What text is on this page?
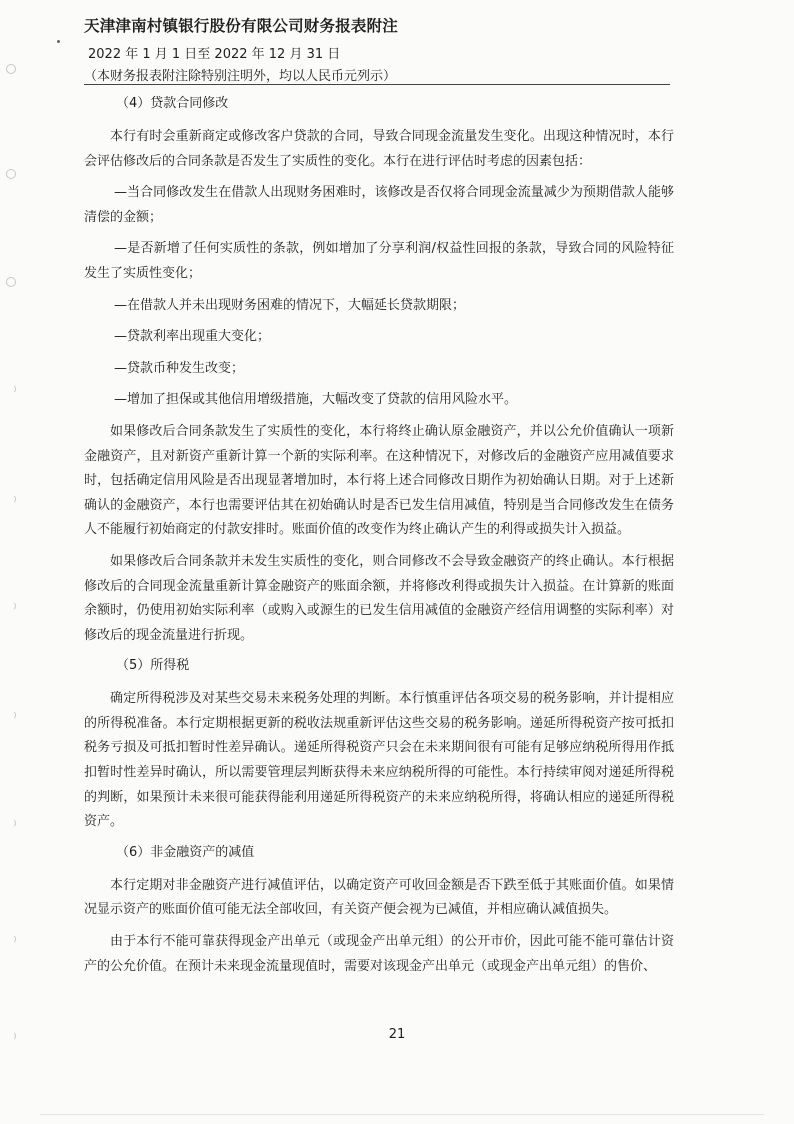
天津津南村镇银行股份有限公司财务报表附注
2022 年 1 月 1 日至 2022 年 12 月 31 日
（本财务报表附注除特别注明外，均以人民币元列示）

（4）贷款合同修改

本行有时会重新商定或修改客户贷款的合同，导致合同现金流量发生变化。出现这种情况时，本行会评估修改后的合同条款是否发生了实质性的变化。本行在进行评估时考虑的因素包括：

—当合同修改发生在借款人出现财务困难时，该修改是否仅将合同现金流量减少为预期借款人能够清偿的金额；

—是否新增了任何实质性的条款，例如增加了分享利润/权益性回报的条款，导致合同的风险特征发生了实质性变化；

—在借款人并未出现财务困难的情况下，大幅延长贷款期限；

—贷款利率出现重大变化；

—贷款币种发生改变；

—增加了担保或其他信用增级措施，大幅改变了贷款的信用风险水平。

如果修改后合同条款发生了实质性的变化，本行将终止确认原金融资产，并以公允价值确认一项新金融资产，且对新资产重新计算一个新的实际利率。在这种情况下，对修改后的金融资产应用减值要求时，包括确定信用风险是否出现显著增加时，本行将上述合同修改日期作为初始确认日期。对于上述新确认的金融资产，本行也需要评估其在初始确认时是否已发生信用减值，特别是当合同修改发生在债务人不能履行初始商定的付款安排时。账面价值的改变作为终止确认产生的利得或损失计入损益。

如果修改后合同条款并未发生实质性的变化，则合同修改不会导致金融资产的终止确认。本行根据修改后的合同现金流量重新计算金融资产的账面余额，并将修改利得或损失计入损益。在计算新的账面余额时，仍使用初始实际利率（或购入或源生的已发生信用减值的金融资产经信用调整的实际利率）对修改后的现金流量进行折现。

（5）所得税

确定所得税涉及对某些交易未来税务处理的判断。本行慎重评估各项交易的税务影响，并计提相应的所得税准备。本行定期根据更新的税收法规重新评估这些交易的税务影响。递延所得税资产按可抵扣税务亏损及可抵扣暂时性差异确认。递延所得税资产只会在未来期间很有可能有足够应纳税所得用作抵扣暂时性差异时确认，所以需要管理层判断获得未来应纳税所得的可能性。本行持续审阅对递延所得税的判断，如果预计未来很可能获得能利用递延所得税资产的未来应纳税所得，将确认相应的递延所得税资产。

（6）非金融资产的减值

本行定期对非金融资产进行减值评估，以确定资产可收回金额是否下跌至低于其账面价值。如果情况显示资产的账面价值可能无法全部收回，有关资产便会视为已减值，并相应确认减值损失。

由于本行不能可靠获得现金产出单元（或现金产出单元组）的公开市价，因此可能不能可靠估计资产的公允价值。在预计未来现金流量现值时，需要对该现金产出单元（或现金产出单元组）的售价、

21
